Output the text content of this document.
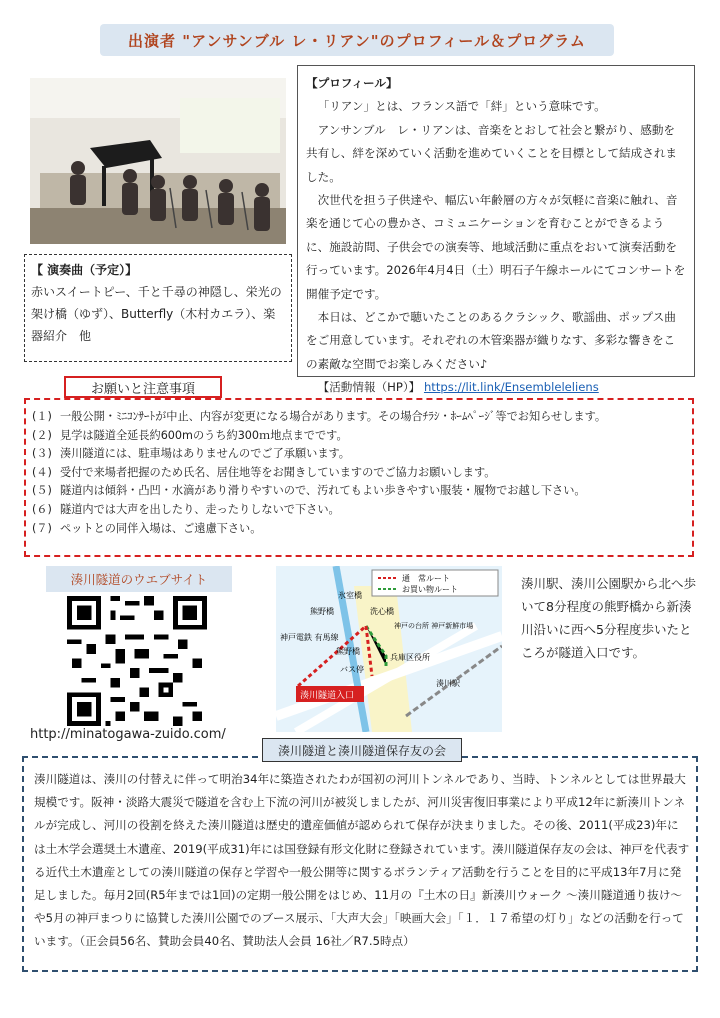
出演者 "アンサンブル レ・リアン"のプロフィール＆プログラム

【プロフィール】

「リアン」とは、フランス語で「絆」という意味です。

アンサンブル　レ・リアンは、音楽をとおして社会と繋がり、感動を共有し、絆を深めていく活動を進めていくことを目標として結成されました。

次世代を担う子供達や、幅広い年齢層の方々が気軽に音楽に触れ、音楽を通じて心の豊かさ、コミュニケーションを育むことができるように、施設訪問、子供会での演奏等、地域活動に重点をおいて演奏活動を行っています。2026年4月4日（土）明石子午線ホールにてコンサートを開催予定です。

本日は、どこかで聴いたことのあるクラシック、歌謡曲、ポップス曲をご用意しています。それぞれの木管楽器が織りなす、多彩な響きをこの素敵な空間でお楽しみください♪

【活動情報（HP）】 https://lit.link/Ensembleleliens

【 演奏曲（予定）】
赤いスイートピー、千と千尋の神隠し、栄光の架け橋（ゆず）、Butterfly（木村カエラ）、楽器紹介　他
(１) 一般公開・ﾐﾆｺﾝｻｰﾄが中止、内容が変更になる場合があります。その場合ﾁﾗｼ・ﾎｰﾑﾍﾟｰｼﾞ等でお知らせします。
(２) 見学は隧道全延長約600mのうち約300ｍ地点までです。
(３) 湊川隧道には、駐車場はありませんのでご了承願います。
(４) 受付で来場者把握のため氏名、居住地等をお聞きしていますのでご協力お願いします。
(５) 隧道内は傾斜・凸凹・水滴があり滑りやすいので、汚れてもよい歩きやすい服装・履物でお越し下さい。
(６) 隧道内では大声を出したり、走ったりしないで下さい。
(７) ペットとの同伴入場は、ご遠慮下さい。
お願いと注意事項
湊川隧道のウエブサイト
http://minatogawa-zuido.com/
湊川隧道入口
通　常ルート
お買い物ルート
氷室橋
熊野橋	洗心橋
神戸電鉄 有馬線
神戸の台所 神戸新鮮市場
熊野橋
兵庫区役所
バス停
湊川駅
湊川駅、湊川公園駅から北へ歩いて8分程度の熊野橋から新湊川沿いに西へ5分程度歩いたところが隧道入口です。
湊川隧道は、湊川の付替えに伴って明治34年に築造されたわが国初の河川トンネルであり、当時、トンネルとしては世界最大規模です。阪神・淡路大震災で隧道を含む上下流の河川が被災しましたが、河川災害復旧事業により平成12年に新湊川トンネルが完成し、河川の役割を終えた湊川隧道は歴史的遺産価値が認められて保存が決まりました。その後、2011(平成23)年には土木学会選奨土木遺産、2019(平成31)年には国登録有形文化財に登録されています。湊川隧道保存友の会は、神戸を代表する近代土木遺産としての湊川隧道の保存と学習や一般公開等に関するボランティア活動を行うことを目的に平成13年7月に発足しました。毎月2回(R5年までは1回)の定期一般公開をはじめ、11月の『土木の日』新湊川ウォーク 〜湊川隧道通り抜け〜 や5月の神戸まつりに協賛した湊川公園でのブース展示、「大声大会」「映画大会」「１．１７希望の灯り」などの活動を行っています。（正会員56名、賛助会員40名、賛助法人会員 16社／R7.5時点）
湊川隧道と湊川隧道保存友の会
